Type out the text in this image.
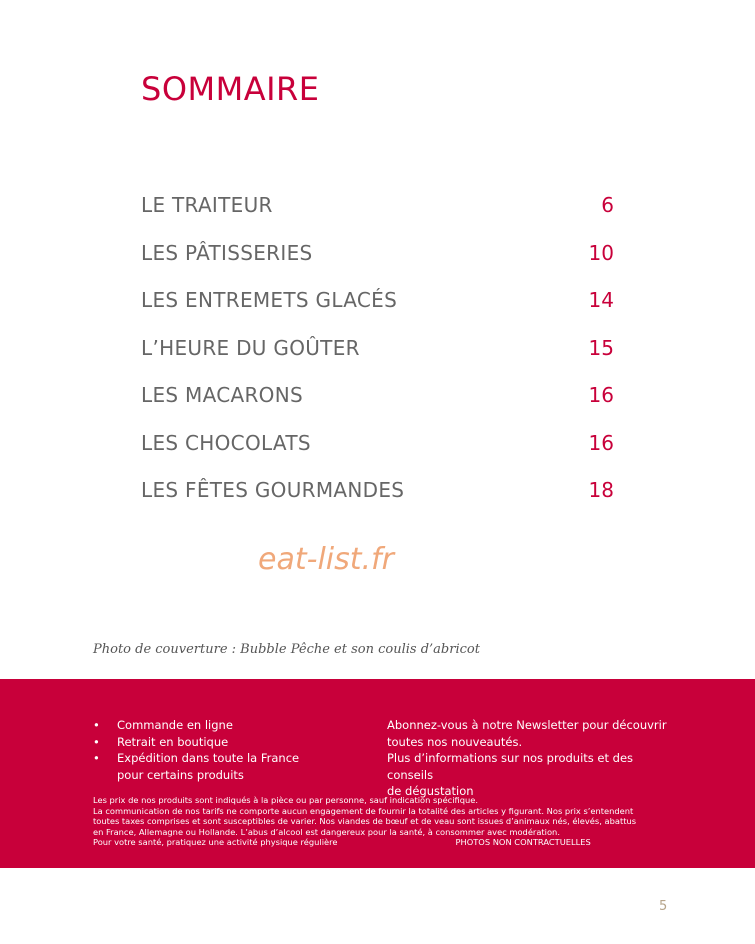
SOMMAIRE
LE TRAITEUR	6
LES PÂTISSERIES	10
LES ENTREMETS GLACÉS	14
L’HEURE DU GOÛTER	15
LES MACARONS	16
LES CHOCOLATS	16
LES FÊTES GOURMANDES	18
eat-list.fr
Photo de couverture : Bubble Pêche et son coulis d’abricot
• Commande en ligne
• Retrait en boutique
• Expédition dans toute la France
pour certains produits
Abonnez-vous à notre Newsletter pour découvrir
toutes nos nouveautés.
Plus d’informations sur nos produits et des conseils
de dégustation
Les prix de nos produits sont indiqués à la pièce ou par personne, sauf indication spécifique.
La communication de nos tarifs ne comporte aucun engagement de fournir la totalité des articles y figurant. Nos prix s’entendent
toutes taxes comprises et sont susceptibles de varier. Nos viandes de bœuf et de veau sont issues d’animaux nés, élevés, abattus
en France, Allemagne ou Hollande. L’abus d’alcool est dangereux pour la santé, à consommer avec modération.
Pour votre santé, pratiquez une activité physique régulière	PHOTOS NON CONTRACTUELLES
5
